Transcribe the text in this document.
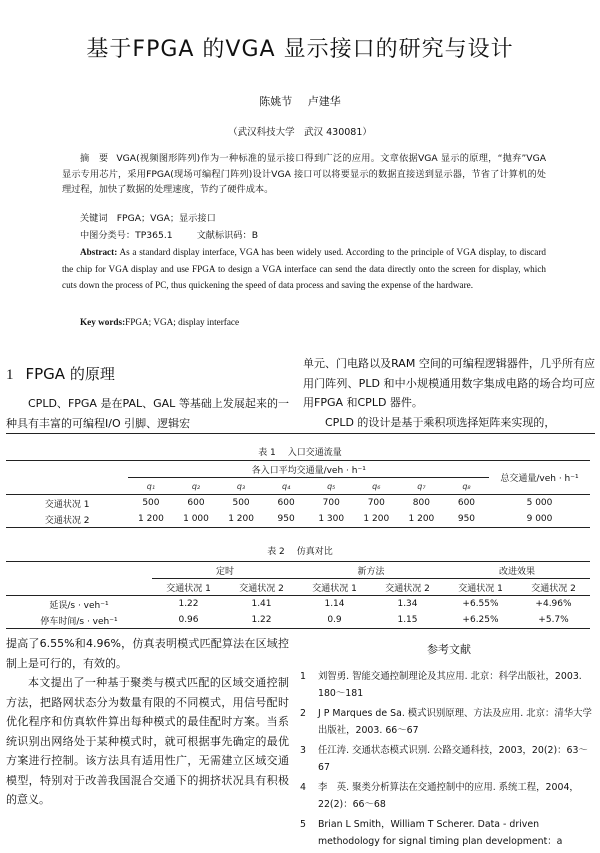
基于FPGA 的VGA 显示接口的研究与设计
陈姚节 卢建华
（武汉科技大学　武汉 430081）
摘　要 VGA(视频图形阵列)作为一种标准的显示接口得到广泛的应用。文章依据VGA 显示的原理，“抛弃”VGA 显示专用芯片，采用FPGA(现场可编程门阵列)设计VGA 接口可以将要显示的数据直接送到显示器，节省了计算机的处理过程，加快了数据的处理速度，节约了硬件成本。
关键词　 FPGA；VGA；显示接口
中图分类号：TP365.1	文献标识码：B
Abstract: As a standard display interface, VGA has been widely used. According to the principle of VGA display, to discard the chip for VGA display and use FPGA to design a VGA interface can send the data directly onto the screen for display, which cuts down the process of PC, thus quickening the speed of data process and saving the expense of the hardware.
Key words:FPGA; VGA; display interface
1 FPGA 的原理
CPLD、FPGA 是在PAL、GAL 等基础上发展起来的一种具有丰富的可编程I/O 引脚、逻辑宏
单元、门电路以及RAM 空间的可编程逻辑器件，几乎所有应用门阵列、PLD 和中小规模通用数字集成电路的场合均可应用FPGA 和CPLD 器件。
CPLD 的设计是基于乘积项选择矩阵来实现的，
表 1 入口交通流量
	各入口平均交通量/veh · h⁻¹								总交通量/veh · h⁻¹
	q₁	q₂	q₃	q₄	q₅	q₆	q₇	q₈	
交通状况 1	500	600	500	600	700	700	800	600	5 000
交通状况 2	1 200	1 000	1 200	950	1 300	1 200	1 200	950	9 000
表 2 仿真对比
	定时		新方法		改进效果	
	交通状况 1	交通状况 2	交通状况 1	交通状况 2	交通状况 1	交通状况 2
延误/s · veh⁻¹	1.22	1.41	1.14	1.34	+6.55%	+4.96%
停车时间/s · veh⁻¹	0.96	1.22	0.9	1.15	+6.25%	+5.7%
提高了6.55%和4.96%，仿真表明模式匹配算法在区域控制上是可行的，有效的。
本文提出了一种基于聚类与模式匹配的区域交通控制方法，把路网状态分为数量有限的不同模式，用信号配时优化程序和仿真软件算出每种模式的最佳配时方案。当系统识别出网络处于某种模式时，就可根据事先确定的最优方案进行控制。该方法具有适用性广，无需建立区域交通模型，特别对于改善我国混合交通下的拥挤状况具有积极的意义。
参考文献
1 刘智勇. 智能交通控制理论及其应用. 北京：科学出版社，2003. 180～181
2 J P Marques de Sa. 模式识别原理、方法及应用. 北京：清华大学出版社，2003. 66～67
3 任江涛. 交通状态模式识别. 公路交通科技，2003，20(2)：63～67
4 李　英. 聚类分析算法在交通控制中的应用. 系统工程，2004，22(2)：66～68
5 Brian L Smith，William T Scherer. Data - driven methodology for signal timing plan development：a
